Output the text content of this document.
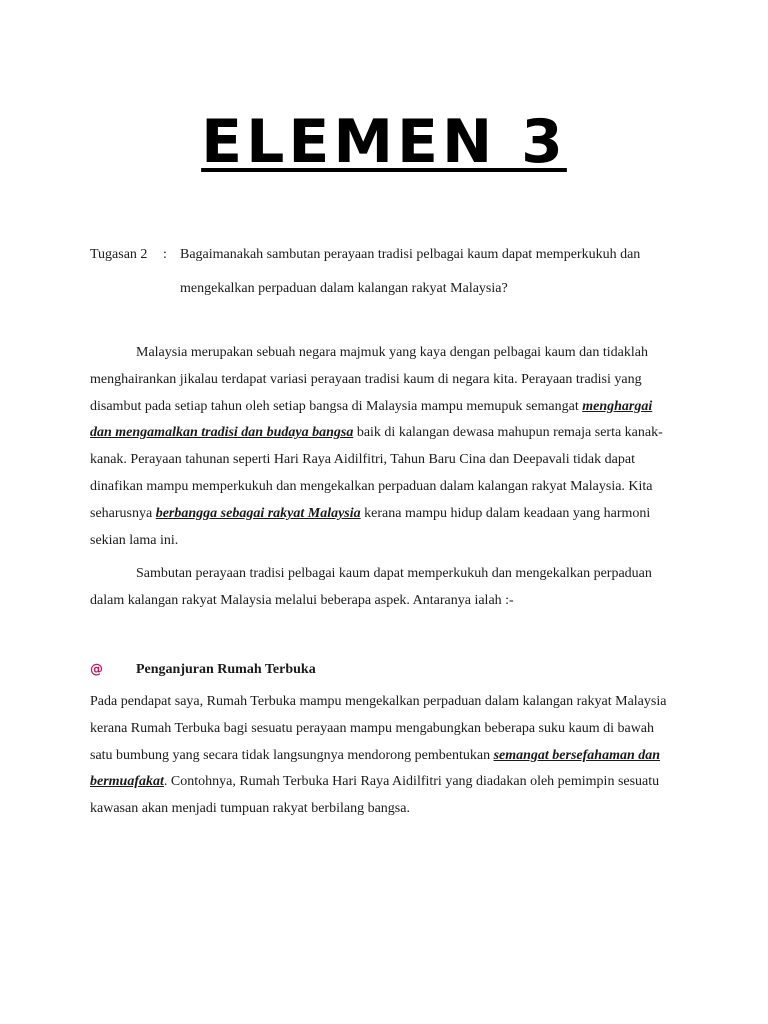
ELEMEN 3
Tugasan 2 : Bagaimanakah sambutan perayaan tradisi pelbagai kaum dapat memperkukuh dan
mengekalkan perpaduan dalam kalangan rakyat Malaysia?

Malaysia merupakan sebuah negara majmuk yang kaya dengan pelbagai kaum dan tidaklah menghairankan jikalau terdapat variasi perayaan tradisi kaum di negara kita. Perayaan tradisi yang disambut pada setiap tahun oleh setiap bangsa di Malaysia mampu memupuk semangat menghargai dan mengamalkan tradisi dan budaya bangsa baik di kalangan dewasa mahupun remaja serta kanak-kanak. Perayaan tahunan seperti Hari Raya Aidilfitri, Tahun Baru Cina dan Deepavali tidak dapat dinafikan mampu memperkukuh dan mengekalkan perpaduan dalam kalangan rakyat Malaysia. Kita seharusnya berbangga sebagai rakyat Malaysia kerana mampu hidup dalam keadaan yang harmoni sekian lama ini.

Sambutan perayaan tradisi pelbagai kaum dapat memperkukuh dan mengekalkan perpaduan dalam kalangan rakyat Malaysia melalui beberapa aspek. Antaranya ialah :-

@ Penganjuran Rumah Terbuka

Pada pendapat saya, Rumah Terbuka mampu mengekalkan perpaduan dalam kalangan rakyat Malaysia kerana Rumah Terbuka bagi sesuatu perayaan mampu mengabungkan beberapa suku kaum di bawah satu bumbung yang secara tidak langsungnya mendorong pembentukan semangat bersefahaman dan bermuafakat. Contohnya, Rumah Terbuka Hari Raya Aidilfitri yang diadakan oleh pemimpin sesuatu kawasan akan menjadi tumpuan rakyat berbilang bangsa.
